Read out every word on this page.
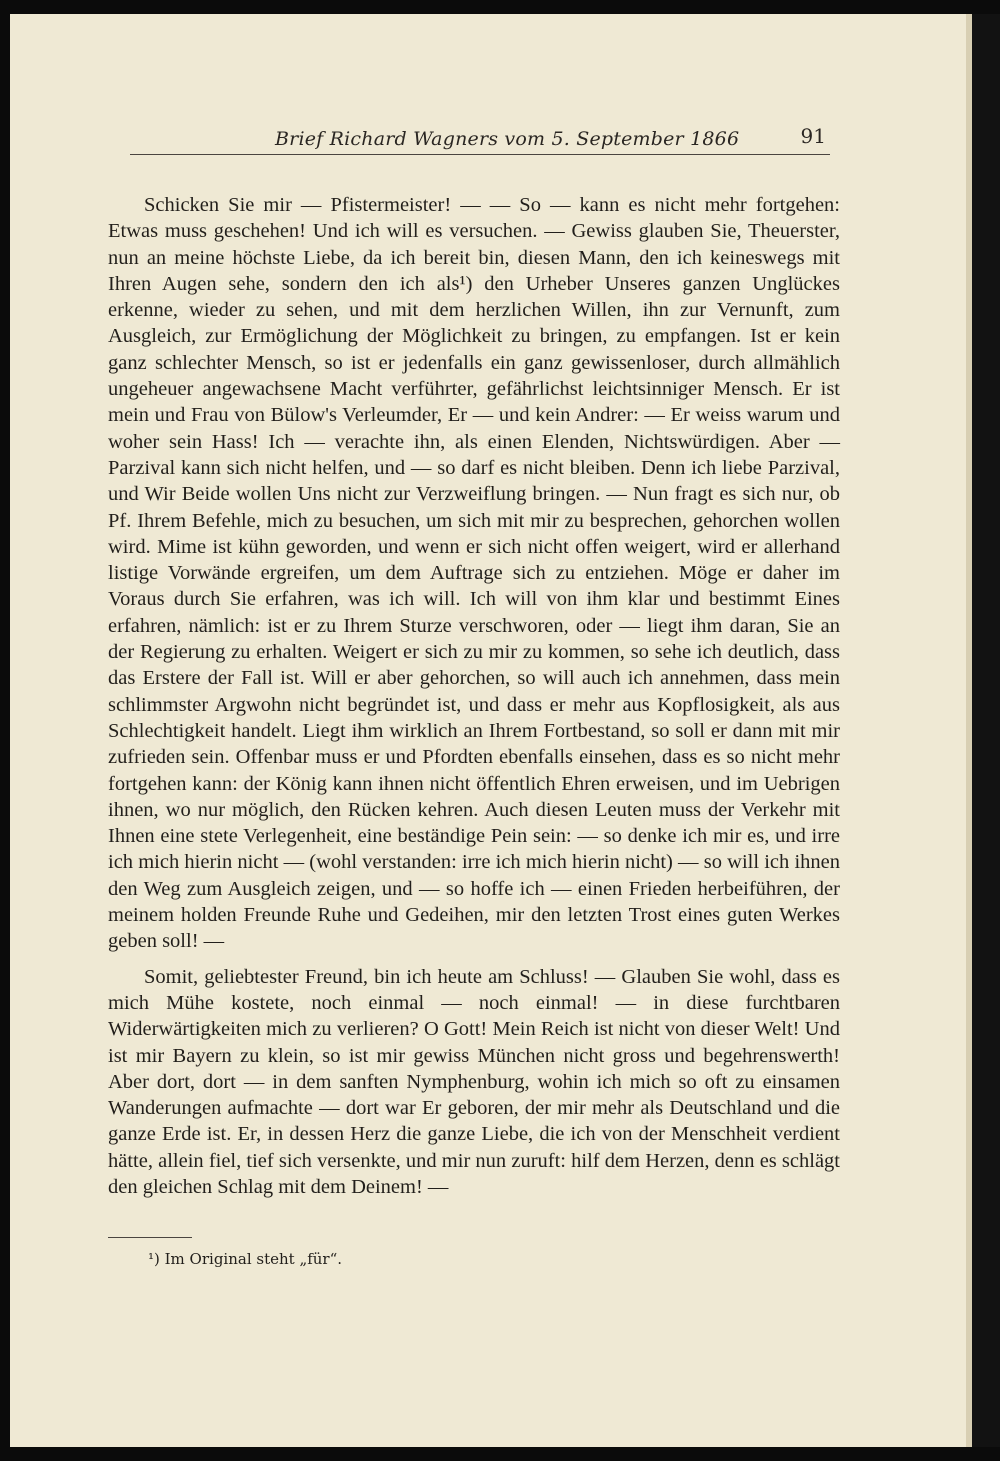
Brief Richard Wagners vom 5. September 1866	91

Schicken Sie mir — Pfistermeister! — — So — kann es nicht mehr fortgehen: Etwas muss geschehen! Und ich will es versuchen. — Gewiss glauben Sie, Theuerster, nun an meine höchste Liebe, da ich bereit bin, diesen Mann, den ich keineswegs mit Ihren Augen sehe, sondern den ich als¹) den Urheber Unseres ganzen Unglückes erkenne, wieder zu sehen, und mit dem herzlichen Willen, ihn zur Vernunft, zum Ausgleich, zur Ermöglichung der Möglichkeit zu bringen, zu empfangen. Ist er kein ganz schlechter Mensch, so ist er jedenfalls ein ganz gewissenloser, durch allmählich ungeheuer angewachsene Macht verführter, gefährlichst leichtsinniger Mensch. Er ist mein und Frau von Bülow's Verleumder, Er — und kein Andrer: — Er weiss warum und woher sein Hass! Ich — verachte ihn, als einen Elenden, Nichtswürdigen. Aber — Parzival kann sich nicht helfen, und — so darf es nicht bleiben. Denn ich liebe Parzival, und Wir Beide wollen Uns nicht zur Verzweiflung bringen. — Nun fragt es sich nur, ob Pf. Ihrem Befehle, mich zu besuchen, um sich mit mir zu besprechen, gehorchen wollen wird. Mime ist kühn geworden, und wenn er sich nicht offen weigert, wird er allerhand listige Vorwände ergreifen, um dem Auftrage sich zu entziehen. Möge er daher im Voraus durch Sie erfahren, was ich will. Ich will von ihm klar und bestimmt Eines erfahren, nämlich: ist er zu Ihrem Sturze verschworen, oder — liegt ihm daran, Sie an der Regierung zu erhalten. Weigert er sich zu mir zu kommen, so sehe ich deutlich, dass das Erstere der Fall ist. Will er aber gehorchen, so will auch ich annehmen, dass mein schlimmster Argwohn nicht begründet ist, und dass er mehr aus Kopflosigkeit, als aus Schlechtigkeit handelt. Liegt ihm wirklich an Ihrem Fortbestand, so soll er dann mit mir zufrieden sein. Offenbar muss er und Pfordten ebenfalls einsehen, dass es so nicht mehr fortgehen kann: der König kann ihnen nicht öffentlich Ehren erweisen, und im Uebrigen ihnen, wo nur möglich, den Rücken kehren. Auch diesen Leuten muss der Verkehr mit Ihnen eine stete Verlegenheit, eine beständige Pein sein: — so denke ich mir es, und irre ich mich hierin nicht — (wohl verstanden: irre ich mich hierin nicht) — so will ich ihnen den Weg zum Ausgleich zeigen, und — so hoffe ich — einen Frieden herbeiführen, der meinem holden Freunde Ruhe und Gedeihen, mir den letzten Trost eines guten Werkes geben soll! —

Somit, geliebtester Freund, bin ich heute am Schluss! — Glauben Sie wohl, dass es mich Mühe kostete, noch einmal — noch einmal! — in diese furchtbaren Widerwärtigkeiten mich zu verlieren? O Gott! Mein Reich ist nicht von dieser Welt! Und ist mir Bayern zu klein, so ist mir gewiss München nicht gross und begehrenswerth! Aber dort, dort — in dem sanften Nymphenburg, wohin ich mich so oft zu einsamen Wanderungen aufmachte — dort war Er geboren, der mir mehr als Deutschland und die ganze Erde ist. Er, in dessen Herz die ganze Liebe, die ich von der Menschheit verdient hätte, allein fiel, tief sich versenkte, und mir nun zuruft: hilf dem Herzen, denn es schlägt den gleichen Schlag mit dem Deinem! —

¹) Im Original steht „für“.
